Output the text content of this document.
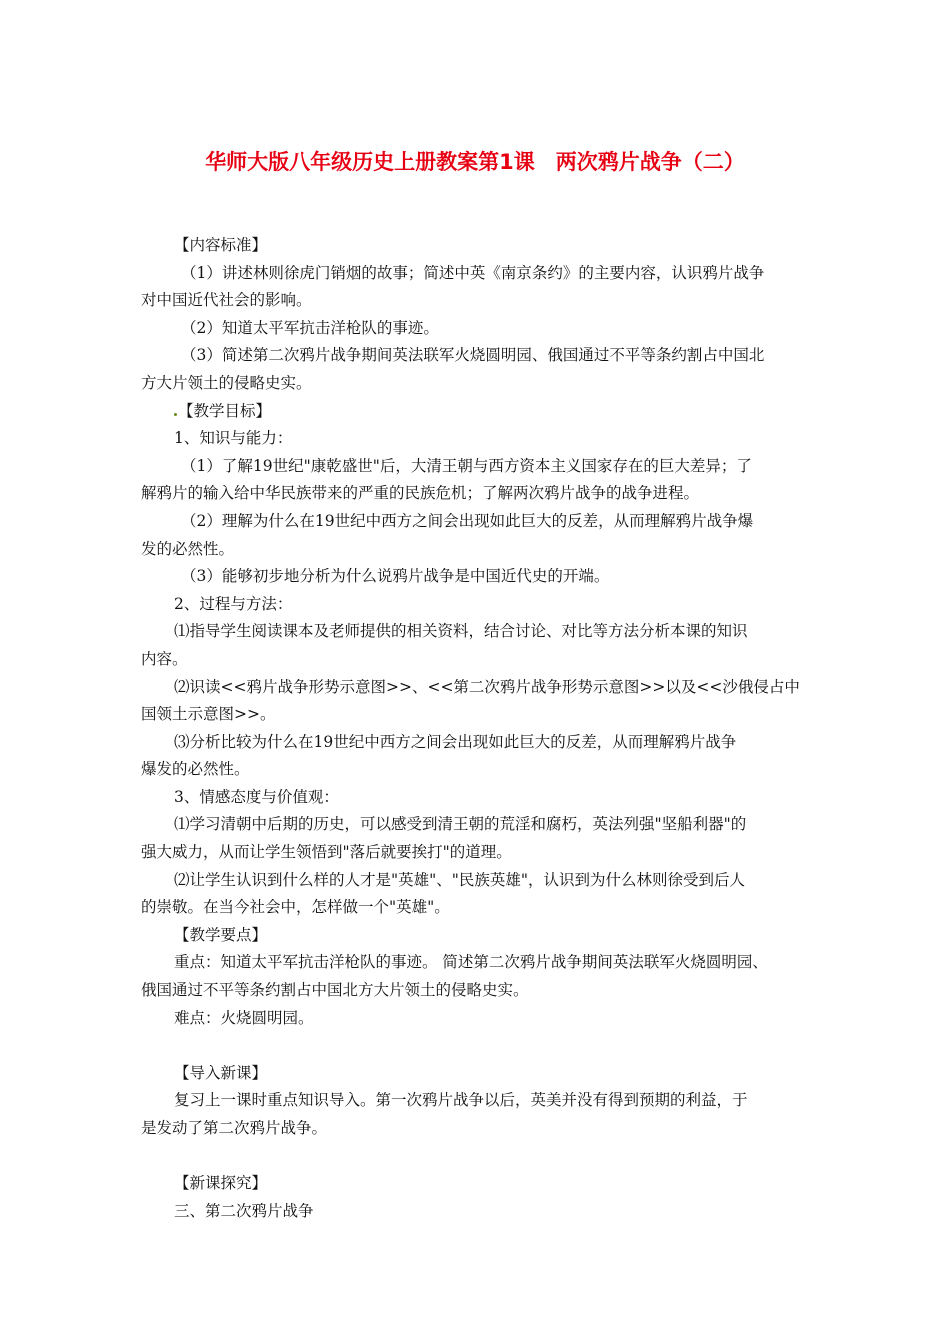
华师大版八年级历史上册教案第1课　两次鸦片战争（二）
【内容标准】
（1）讲述林则徐虎门销烟的故事；简述中英《南京条约》的主要内容，认识鸦片战争
对中国近代社会的影响。
（2）知道太平军抗击洋枪队的事迹。
（3）简述第二次鸦片战争期间英法联军火烧圆明园、俄国通过不平等条约割占中国北
方大片领土的侵略史实。
【教学目标】
1、知识与能力：
（1）了解19世纪"康乾盛世"后，大清王朝与西方资本主义国家存在的巨大差异；了
解鸦片的输入给中华民族带来的严重的民族危机；了解两次鸦片战争的战争进程。
（2）理解为什么在19世纪中西方之间会出现如此巨大的反差，从而理解鸦片战争爆
发的必然性。
（3）能够初步地分析为什么说鸦片战争是中国近代史的开端。
2、过程与方法：
⑴指导学生阅读课本及老师提供的相关资料，结合讨论、对比等方法分析本课的知识
内容。
⑵识读<<鸦片战争形势示意图>>、<<第二次鸦片战争形势示意图>>以及<<沙俄侵占中
国领土示意图>>。
⑶分析比较为什么在19世纪中西方之间会出现如此巨大的反差，从而理解鸦片战争
爆发的必然性。
3、情感态度与价值观：
⑴学习清朝中后期的历史，可以感受到清王朝的荒淫和腐朽，英法列强"坚船利器"的
强大威力，从而让学生领悟到"落后就要挨打"的道理。
⑵让学生认识到什么样的人才是"英雄"、"民族英雄"，认识到为什么林则徐受到后人
的崇敬。在当今社会中，怎样做一个"英雄"。
【教学要点】
重点：知道太平军抗击洋枪队的事迹。 简述第二次鸦片战争期间英法联军火烧圆明园、
俄国通过不平等条约割占中国北方大片领土的侵略史实。
难点：火烧圆明园。
【导入新课】
复习上一课时重点知识导入。第一次鸦片战争以后，英美并没有得到预期的利益，于
是发动了第二次鸦片战争。
【新课探究】
三、第二次鸦片战争
